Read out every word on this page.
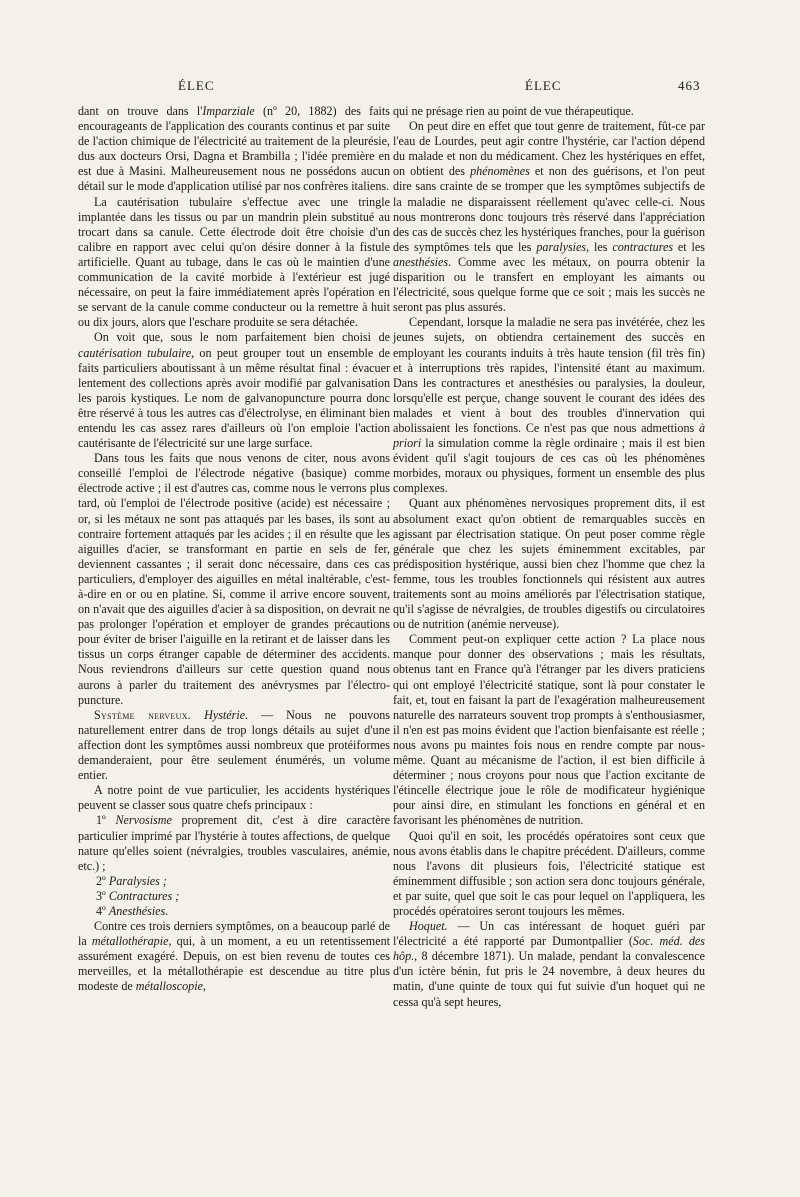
ÉLEC	ÉLEC	463

dant on trouve dans l'Imparziale (nº 20, 1882) des faits encourageants de l'application des courants continus et par suite de l'action chimique de l'électricité au traitement de la pleurésie, dus aux docteurs Orsi, Dagna et Brambilla ; l'idée première en est due à Masini. Malheureusement nous ne possédons aucun détail sur le mode d'application utilisé par nos confrères italiens.

La cautérisation tubulaire s'effectue avec une tringle implantée dans les tissus ou par un mandrin plein substitué au trocart dans sa canule. Cette électrode doit être choisie d'un calibre en rapport avec celui qu'on désire donner à la fistule artificielle. Quant au tubage, dans le cas où le maintien d'une communication de la cavité morbide à l'extérieur est jugé nécessaire, on peut la faire immédiatement après l'opération en se servant de la canule comme conducteur ou la remettre à huit ou dix jours, alors que l'eschare produite se sera détachée.

On voit que, sous le nom parfaitement bien choisi de cautérisation tubulaire, on peut grouper tout un ensemble de faits particuliers aboutissant à un même résultat final : évacuer lentement des collections après avoir modifié par galvanisation les parois kystiques. Le nom de galvanopuncture pourra donc être réservé à tous les autres cas d'électrolyse, en éliminant bien entendu les cas assez rares d'ailleurs où l'on emploie l'action cautérisante de l'électricité sur une large surface.

Dans tous les faits que nous venons de citer, nous avons conseillé l'emploi de l'électrode négative (basique) comme électrode active ; il est d'autres cas, comme nous le verrons plus tard, où l'emploi de l'électrode positive (acide) est nécessaire ; or, si les métaux ne sont pas attaqués par les bases, ils sont au contraire fortement attaqués par les acides ; il en résulte que les aiguilles d'acier, se transformant en partie en sels de fer, deviennent cassantes ; il serait donc nécessaire, dans ces cas particuliers, d'employer des aiguilles en métal inaltérable, c'est-à-dire en or ou en platine. Si, comme il arrive encore souvent, on n'avait que des aiguilles d'acier à sa disposition, on devrait ne pas prolonger l'opération et employer de grandes précautions pour éviter de briser l'aiguille en la retirant et de laisser dans les tissus un corps étranger capable de déterminer des accidents. Nous reviendrons d'ailleurs sur cette question quand nous aurons à parler du traitement des anévrysmes par l'électro-puncture.

Système nerveux. Hystérie. — Nous ne pouvons naturellement entrer dans de trop longs détails au sujet d'une affection dont les symptômes aussi nombreux que protéiformes demanderaient, pour être seulement énumérés, un volume entier.

A notre point de vue particulier, les accidents hystériques peuvent se classer sous quatre chefs principaux :

1º Nervosisme proprement dit, c'est à dire caractère particulier imprimé par l'hystérie à toutes affections, de quelque nature qu'elles soient (névralgies, troubles vasculaires, anémie, etc.) ;

2º Paralysies ;

3º Contractures ;

4º Anesthésies.

Contre ces trois derniers symptômes, on a beaucoup parlé de la métallothérapie, qui, à un moment, a eu un retentissement assurément exagéré. Depuis, on est bien revenu de toutes ces merveilles, et la métallothérapie est descendue au titre plus modeste de métalloscopie,

qui ne présage rien au point de vue thérapeutique.

On peut dire en effet que tout genre de traitement, fût-ce par l'eau de Lourdes, peut agir contre l'hystérie, car l'action dépend du malade et non du médicament. Chez les hystériques en effet, on obtient des phénomènes et non des guérisons, et l'on peut dire sans crainte de se tromper que les symptômes subjectifs de la maladie ne disparaissent réellement qu'avec celle-ci. Nous nous montrerons donc toujours très réservé dans l'appréciation des cas de succès chez les hystériques franches, pour la guérison des symptômes tels que les paralysies, les contractures et les anesthésies. Comme avec les métaux, on pourra obtenir la disparition ou le transfert en employant les aimants ou l'électricité, sous quelque forme que ce soit ; mais les succès ne seront pas plus assurés.

Cependant, lorsque la maladie ne sera pas invétérée, chez les jeunes sujets, on obtiendra certainement des succès en employant les courants induits à très haute tension (fil très fin) et à interruptions très rapides, l'intensité étant au maximum. Dans les contractures et anesthésies ou paralysies, la douleur, lorsqu'elle est perçue, change souvent le courant des idées des malades et vient à bout des troubles d'innervation qui abolissaient les fonctions. Ce n'est pas que nous admettions à priori la simulation comme la règle ordinaire ; mais il est bien évident qu'il s'agit toujours de ces cas où les phénomènes morbides, moraux ou physiques, forment un ensemble des plus complexes.

Quant aux phénomènes nervosiques proprement dits, il est absolument exact qu'on obtient de remarquables succès en agissant par électrisation statique. On peut poser comme règle générale que chez les sujets éminemment excitables, par prédisposition hystérique, aussi bien chez l'homme que chez la femme, tous les troubles fonctionnels qui résistent aux autres traitements sont au moins améliorés par l'électrisation statique, qu'il s'agisse de névralgies, de troubles digestifs ou circulatoires ou de nutrition (anémie nerveuse).

Comment peut-on expliquer cette action ? La place nous manque pour donner des observations ; mais les résultats, obtenus tant en France qu'à l'étranger par les divers praticiens qui ont employé l'électricité statique, sont là pour constater le fait, et, tout en faisant la part de l'exagération malheureusement naturelle des narrateurs souvent trop prompts à s'enthousiasmer, il n'en est pas moins évident que l'action bienfaisante est réelle ; nous avons pu maintes fois nous en rendre compte par nous-même. Quant au mécanisme de l'action, il est bien difficile à déterminer ; nous croyons pour nous que l'action excitante de l'étincelle électrique joue le rôle de modificateur hygiénique pour ainsi dire, en stimulant les fonctions en général et en favorisant les phénomènes de nutrition.

Quoi qu'il en soit, les procédés opératoires sont ceux que nous avons établis dans le chapitre précédent. D'ailleurs, comme nous l'avons dit plusieurs fois, l'électricité statique est éminemment diffusible ; son action sera donc toujours générale, et par suite, quel que soit le cas pour lequel on l'appliquera, les procédés opératoires seront toujours les mêmes.

Hoquet. — Un cas intéressant de hoquet guéri par l'électricité a été rapporté par Dumontpallier (Soc. méd. des hôp., 8 décembre 1871). Un malade, pendant la convalescence d'un ictère bénin, fut pris le 24 novembre, à deux heures du matin, d'une quinte de toux qui fut suivie d'un hoquet qui ne cessa qu'à sept heures,
